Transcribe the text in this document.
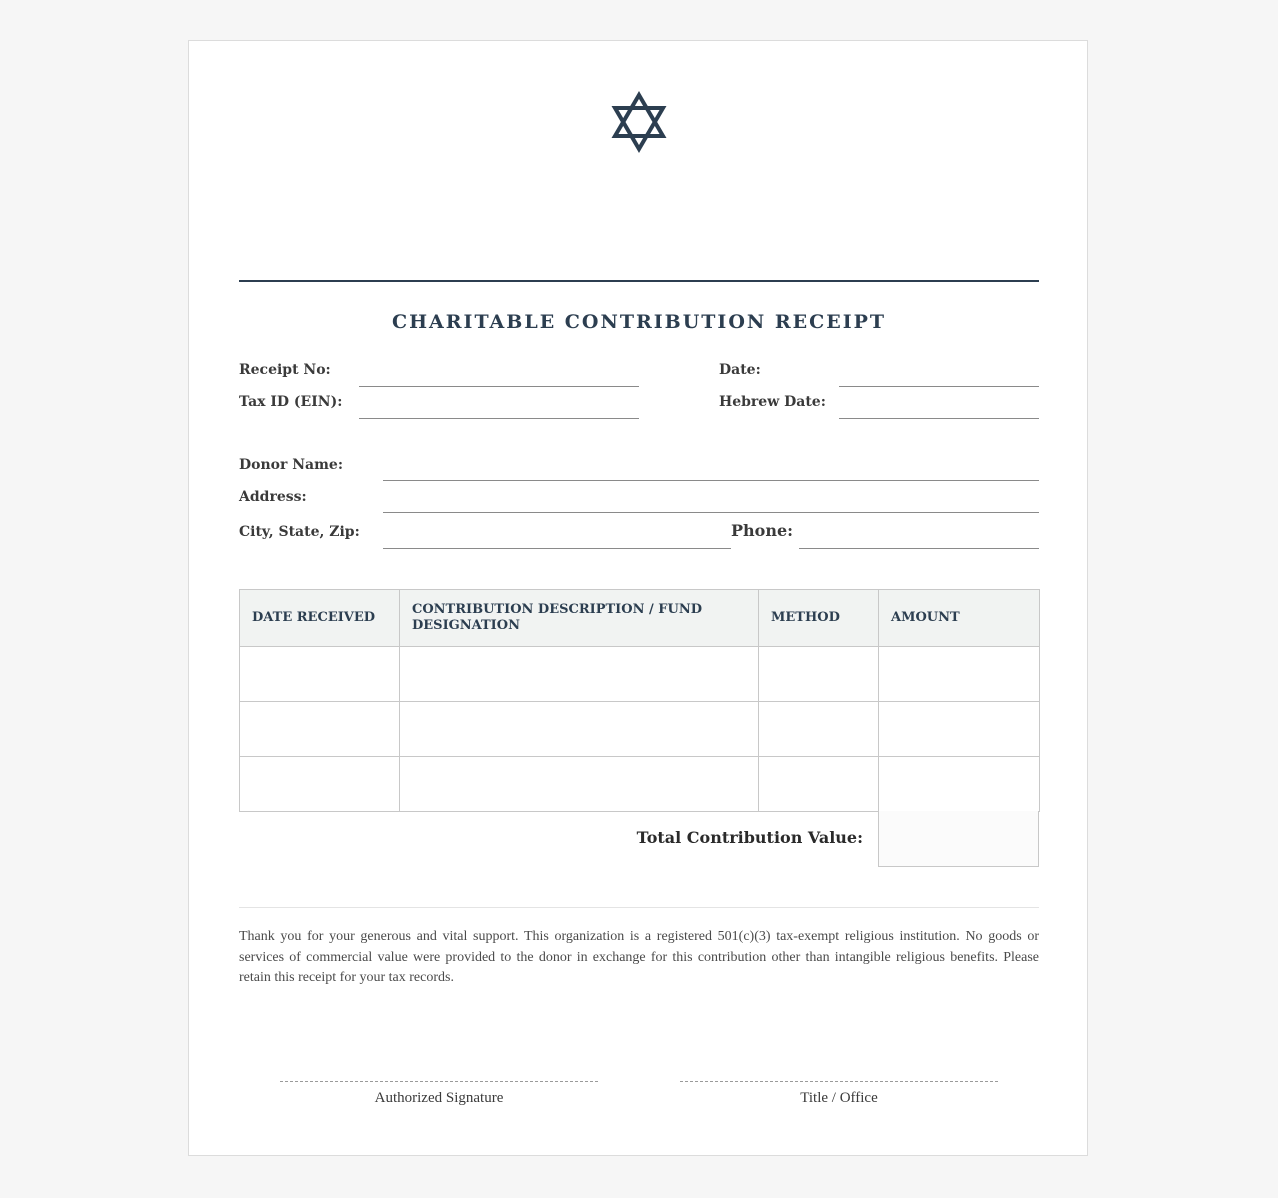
CHARITABLE CONTRIBUTION RECEIPT
Receipt No:	Date:
Tax ID (EIN):	Hebrew Date:
Donor Name:
Address:
City, State, Zip:	Phone:
DATE RECEIVED	CONTRIBUTION DESCRIPTION / FUND DESIGNATION	METHOD	AMOUNT

Total Contribution Value:
Thank you for your generous and vital support. This organization is a registered 501(c)(3) tax-exempt religious institution. No goods or services of commercial value were provided to the donor in exchange for this contribution other than intangible religious benefits. Please retain this receipt for your tax records.
Authorized Signature	Title / Office
